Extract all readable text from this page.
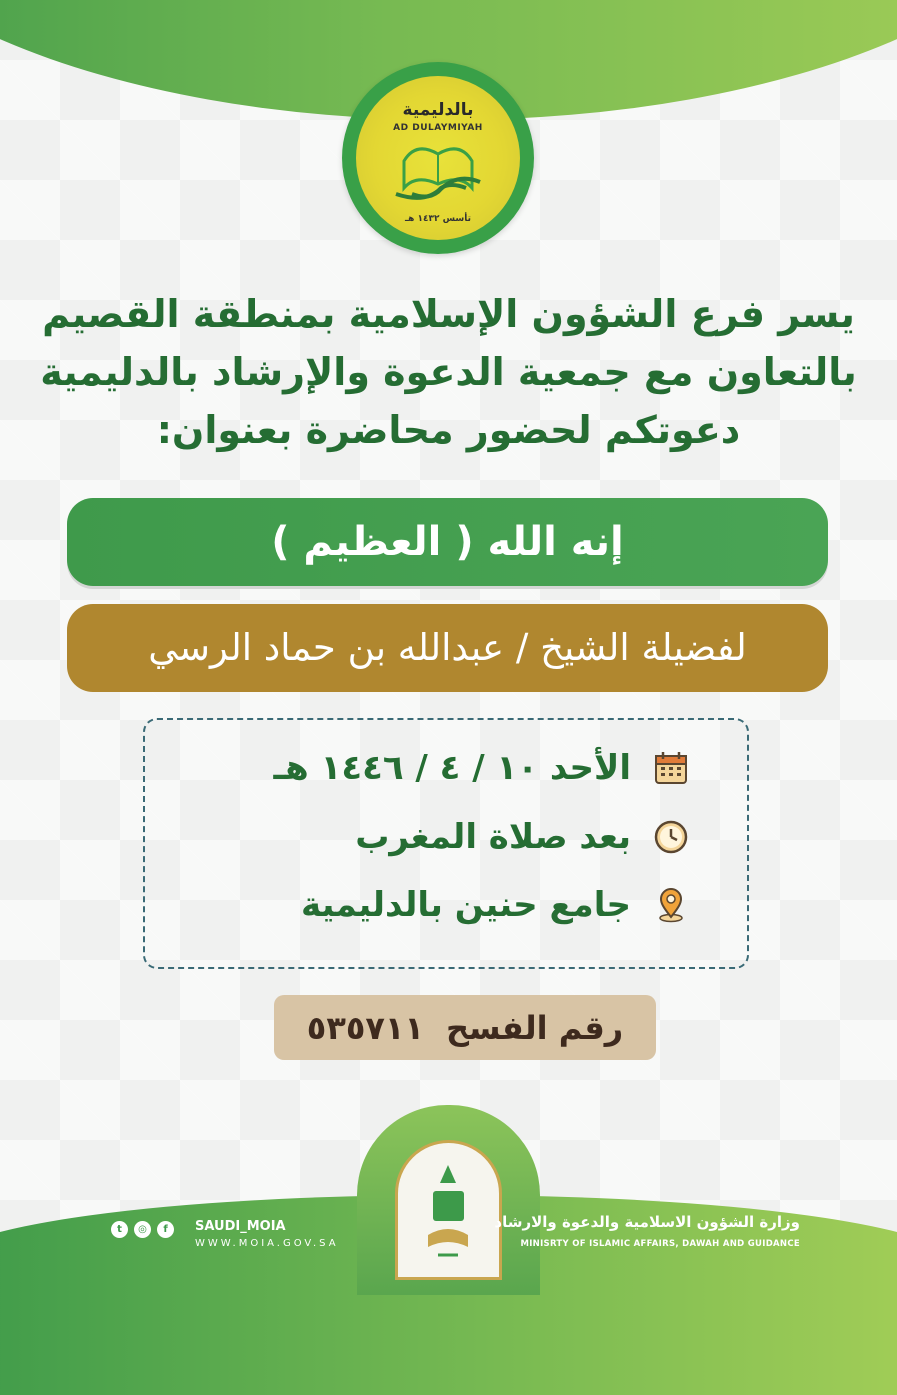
بالدليمية
AD DULAYMIYAH
تأسس ١٤٣٢ هـ
يسر فرع الشؤون الإسلامية بمنطقة القصيم
بالتعاون مع جمعية الدعوة والإرشاد بالدليمية
دعوتكم لحضور محاضرة بعنوان:
إنه الله ( العظيم )
لفضيلة الشيخ / عبدالله بن حماد الرسي
الأحد ١٠ / ٤ / ١٤٤٦ هـ
بعد صلاة المغرب
جامع حنين بالدليمية
رقم الفسح
٥٣٥٧١١
وزارة الشؤون الاسلامية والدعوة والارشاد
MINISRTY OF ISLAMIC AFFAIRS, DAWAH AND GUIDANCE
t	◎	f	SAUDI_MOIA
WWW.MOIA.GOV.SA
